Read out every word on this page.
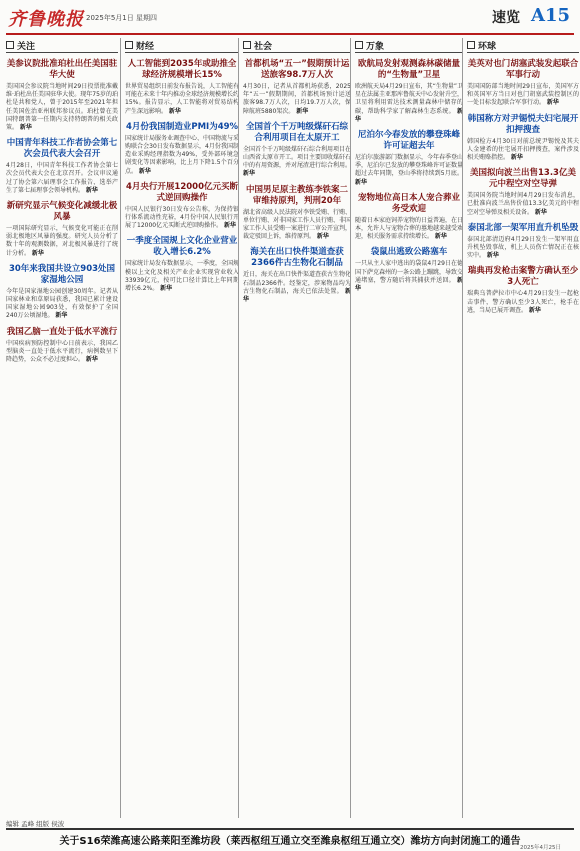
齐鲁晚报 2025年5月1日 星期四	速览 A15
关注
美参议院批准珀杜出任美国驻华大使
美国国会参议院当地时间29日投票批准戴维·珀杜出任美国驻华大使。现年75岁的珀杜是共和党人，曾于2015年至2021年担任美国佐治亚州联邦参议员。珀杜曾在美国特朗普第一任期内支持特朗普的相关政策。 新华
中国青年科技工作者协会第七次会员代表大会召开
4月28日，中国青年科技工作者协会第七次会员代表大会在北京召开。会议审议通过了协会第六届理事会工作报告，选举产生了第七届理事会领导机构。 新华
新研究显示气候变化减缓北极风暴
一项国际研究显示，气候变化可能正在削弱北极地区风暴的强度。研究人员分析了数十年的观测数据，对北极风暴进行了统计分析。 新华
30年来我国共设立903处国家湿地公园
今年是国家湿地公园创建30周年。记者从国家林业和草原局获悉，我国已累计建设国家湿地公园903处，有效保护了全国240万公顷湿地。 新华
我国乙脑一直处于低水平流行
中国疾病预防控制中心日前表示，我国乙型脑炎一直处于低水平流行，病例数呈下降趋势，公众不必过度担心。 新华
财经
人工智能到2035年或助推全球经济规模增长15%
世界贸易组织日前发布报告说，人工智能有可能在未来十年内推动全球经济规模增长约15%。报告显示，人工智能将对贸易结构产生深远影响。 新华
4月份我国制造业PMI为49%
国家统计局服务业调查中心、中国物流与采购联合会30日发布数据显示，4月份我国制造业采购经理指数为49%，受外部环境急剧变化等因素影响，比上月下降1.5个百分点。 新华
4月央行开展12000亿元买断式逆回购操作
中国人民银行30日发布公告称，为保持银行体系流动性充裕，4月份中国人民银行开展了12000亿元买断式逆回购操作。 新华
一季度全国规上文化企业营业收入增长6.2%
国家统计局发布数据显示，一季度，全国规模以上文化及相关产业企业实现营业收入33939亿元，按可比口径计算比上年同期增长6.2%。 新华
社会
首都机场“五一”假期预计运送旅客98.7万人次
4月30日，记者从首都机场获悉，2025年“五一”假期期间，首都机场预计运送旅客98.7万人次，日均19.7万人次，保障航班5880架次。 新华
全国首个千万吨级煤矸石综合利用项目在太原开工
全国首个千万吨级煤矸石综合利用项目在山西省太原市开工。项目主要回收煤矸石中的有用资源，并对尾渣进行综合利用。 新华
中国男足原主教练李铁案二审维持原判，判刑20年
湖北省高级人民法院对李铁受贿、行贿、单位行贿、对非国家工作人员行贿、非国家工作人员受贿一案进行二审公开宣判，裁定驳回上诉，维持原判。 新华
海关在出口快件渠道查获2366件古生物化石制品
近日，海关在出口快件渠道查获古生物化石制品2366件。经鉴定，涉案物品均为古生物化石制品，海关已依法处置。 新华
万象
欧航局发射观测森林碳储量的“生物量”卫星
欧洲航天局4月29日宣布，其“生物量”卫星在法属圭亚那库鲁航天中心发射升空，卫星将利用雷达技术测量森林中储存的碳，帮助科学家了解森林生态系统。 新华
尼泊尔今春发放的攀登珠峰许可证超去年
尼泊尔旅游部门数据显示，今年春季登山季，尼泊尔已发放的攀登珠峰许可证数量超过去年同期，登山季将持续到5月底。 新华
宠物地位高日本人宠合葬业务受欢迎
随着日本家庭饲养宠物的日益普遍，在日本，允许人与宠物合葬的墓地越来越受欢迎，相关服务需求持续增长。 新华
袋鼠出逃致公路塞车
一只从主人家中逃出的袋鼠4月29日在德国下萨克森州的一条公路上蹦跳，导致交通堵塞，警方随后将其捕获并送回。 新华
环球
美英对也门胡塞武装发起联合军事行动
美国国防部当地时间29日宣布，美国军方和英国军方当日对也门胡塞武装控制区的一处目标发起联合军事行动。 新华
韩国称方对尹锡悦夫妇宅展开扣押搜查
韩国检方4月30日对前总统尹锡悦及其夫人金建希的住宅展开扣押搜查，案件涉及相关贿赂指控。 新华
美国拟向波兰出售13.3亿美元中程空对空导弹
美国国务院当地时间4月29日发布消息，已批准向波兰出售价值13.3亿美元的中程空对空导弹及相关设备。 新华
泰国北部一架军用直升机坠毁
泰国北部清迈府4月29日发生一架军用直升机坠毁事故，机上人员伤亡情况正在核实中。 新华
瑞典再发枪击案警方确认至少3人死亡
瑞典乌普萨拉市中心4月29日发生一起枪击事件，警方确认至少3人死亡，枪手在逃，当局已展开调查。 新华
编辑 孟峰 组版 侯波
关于S16荣潍高速公路莱阳至潍坊段（莱西枢纽互通立交至潍泉枢纽互通立交）潍坊方向封闭施工的通告
2025年4月25日
